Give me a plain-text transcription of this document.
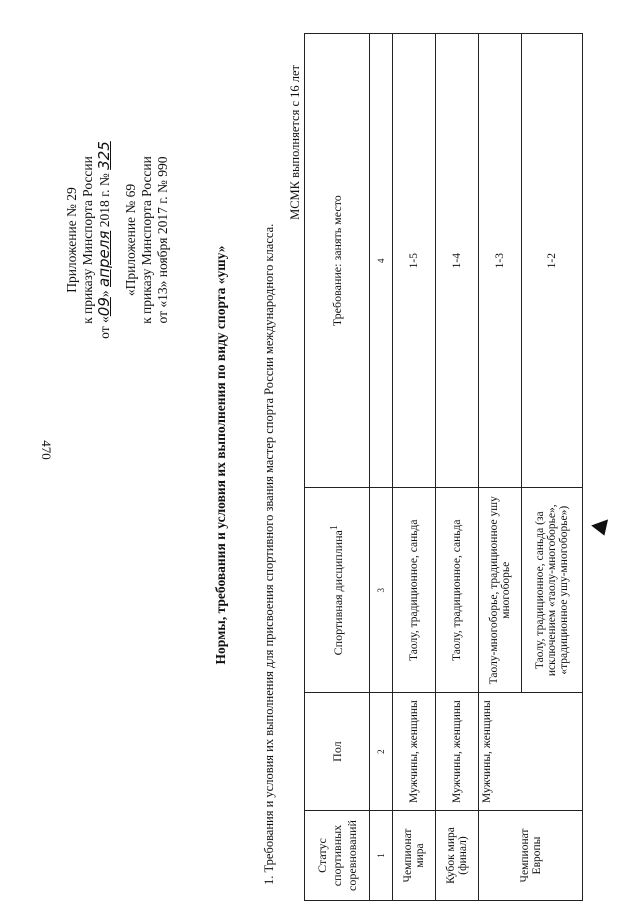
470
Приложение № 29 к приказу Минспорта России
от «09» апреля 2018 г. № 325
«Приложение № 69 к приказу Минспорта России от «13» ноября 2017 г. № 990
Нормы, требования и условия их выполнения по виду спорта «ушу»	1. Требования и условия их выполнения для присвоения спортивного звания мастер спорта России международного класса.
МСМК выполняется с 16 лет
Статус спортивных соревнований	Пол	Спортивная дисциплина$^1$	Требование: занять место
1	2	3	4
Чемпионат мира	Мужчины, женщины	Таолу, традиционное, саньда	1-5
Кубок мира (финал)	Мужчины, женщины	Таолу, традиционное, саньда	1-4
Чемпионат Европы	Мужчины, женщины	Таолу-многоборье, традиционное ушу многоборье	1-3
		Таолу, традиционное, саньда (за исключением «таолу-многоборье», «традиционное ушу-многоборье»)	1-2
